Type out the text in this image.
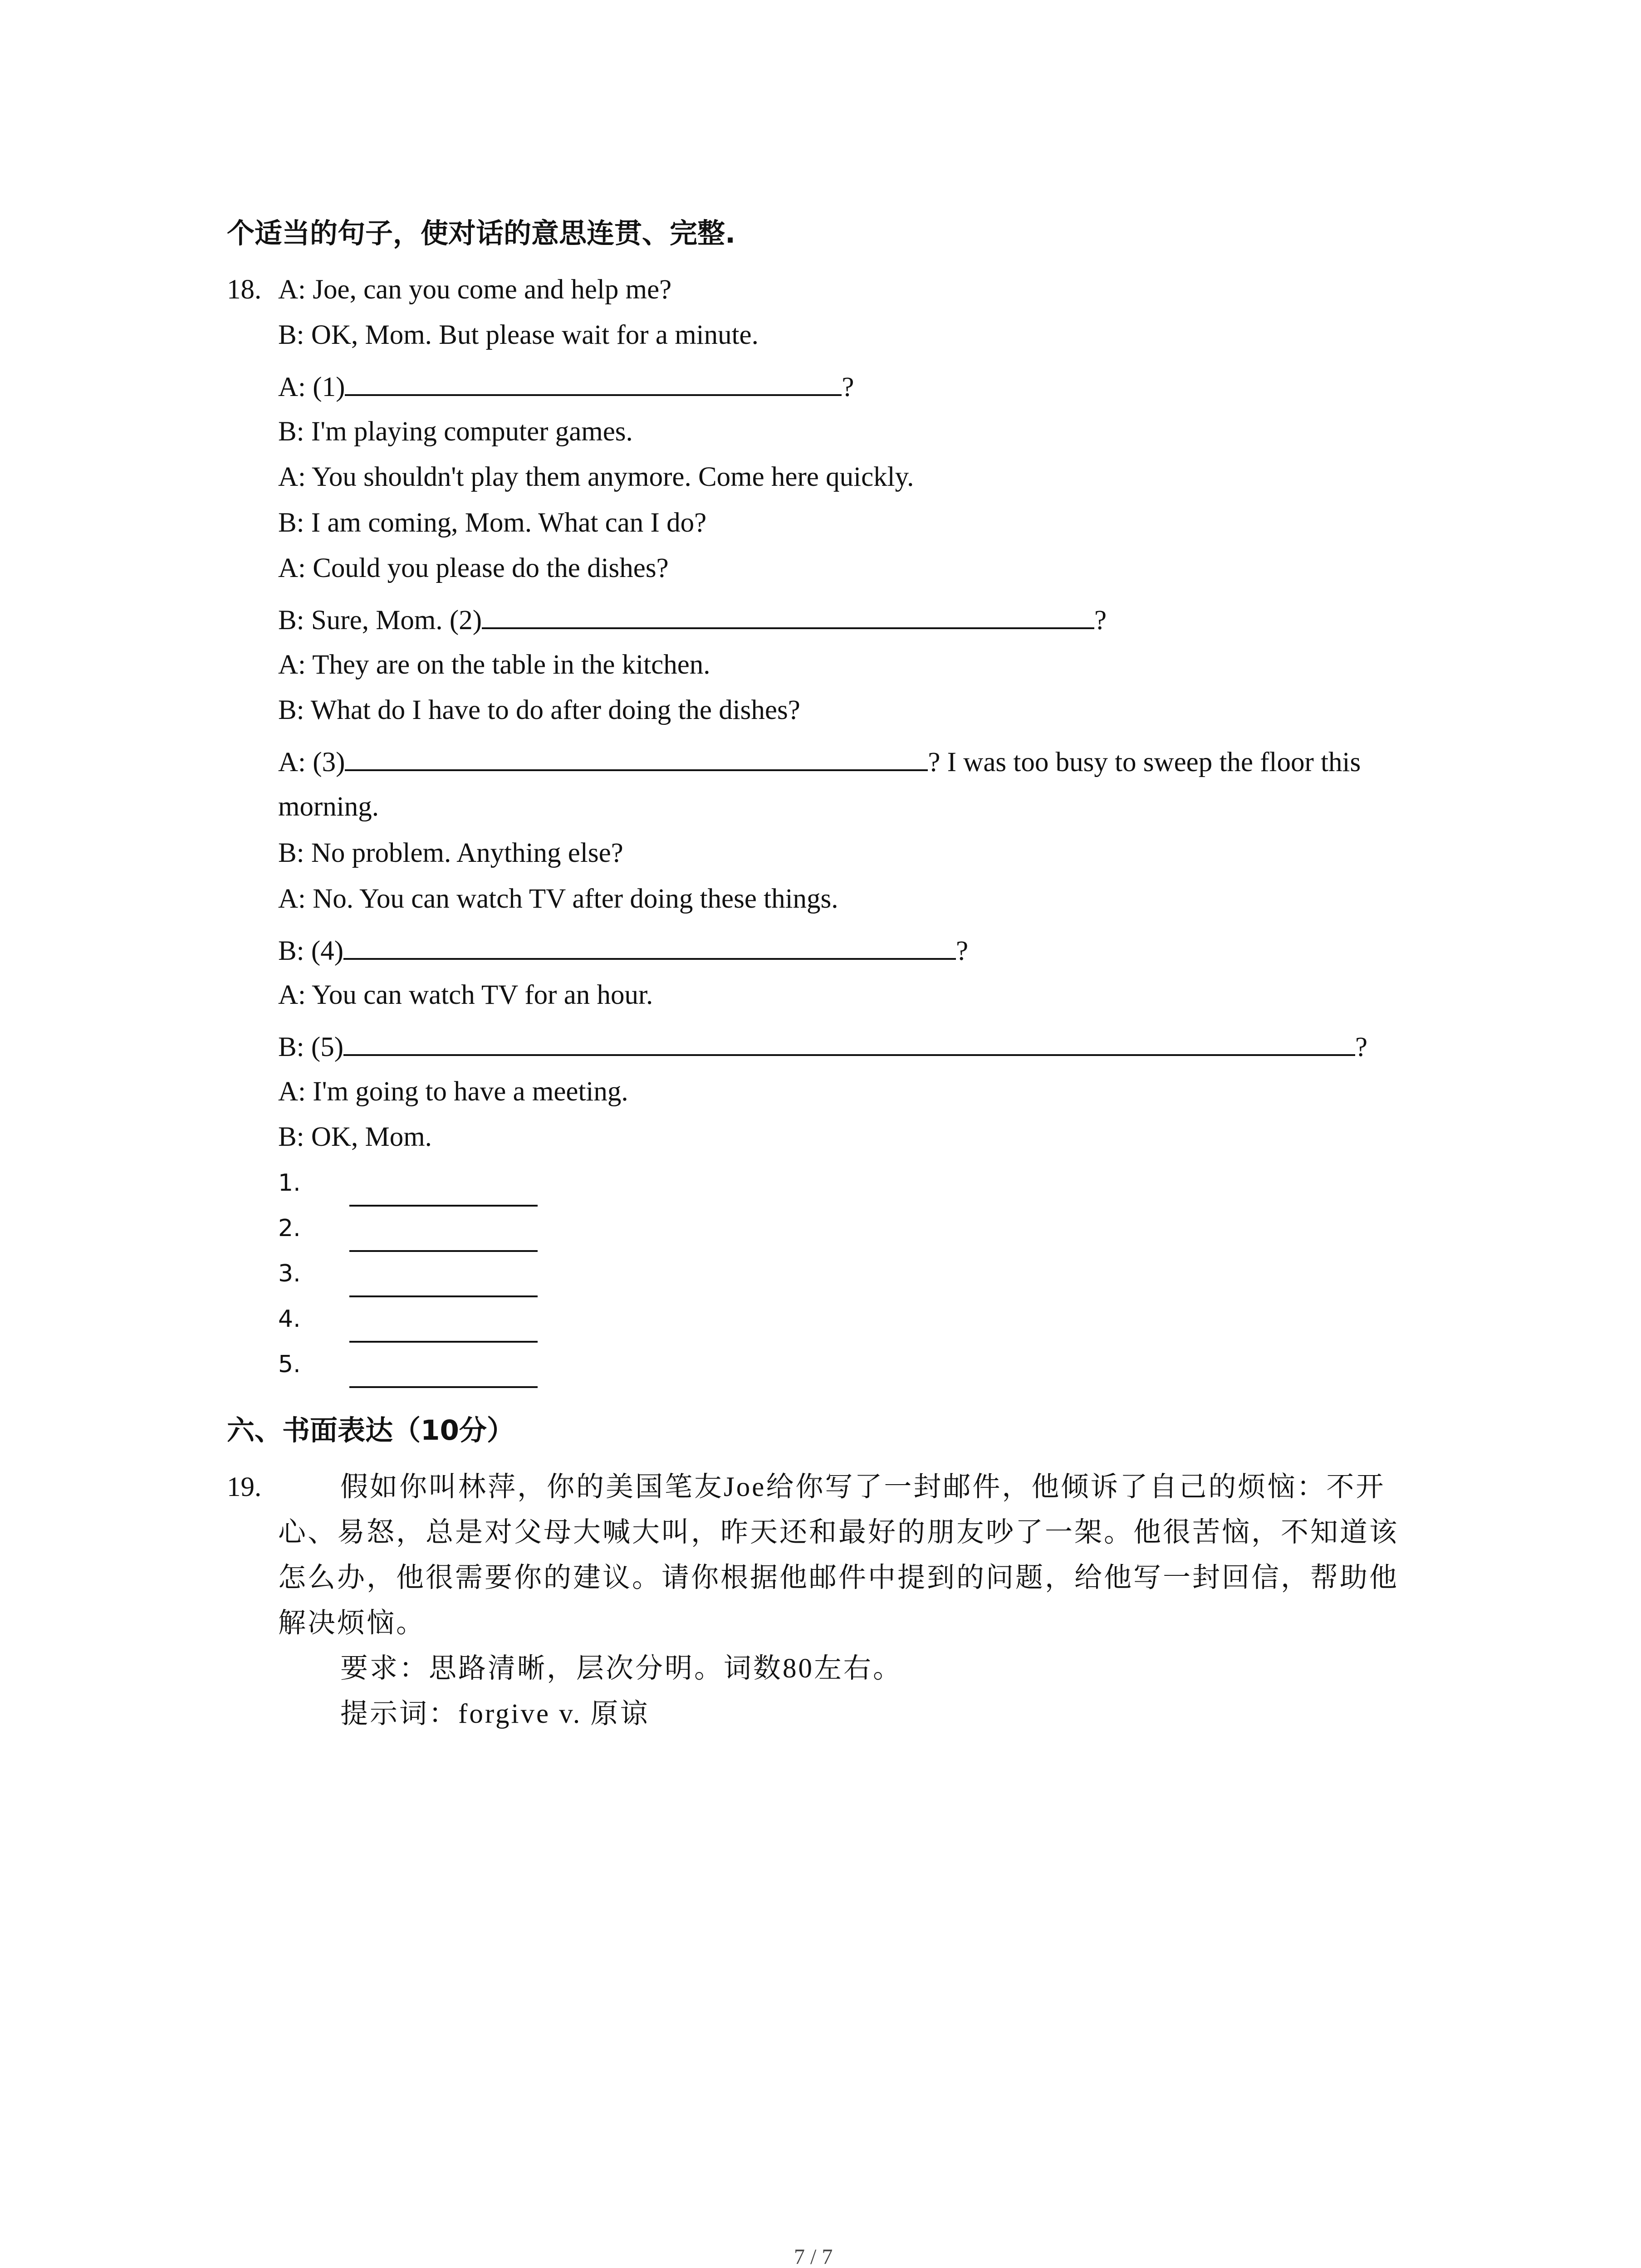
个适当的句子，使对话的意思连贯、完整.
18. A: Joe, can you come and help me?
B: OK, Mom. But please wait for a minute.
A: (1)	?
B: I'm playing computer games.
A: You shouldn't play them anymore. Come here quickly.
B: I am coming, Mom. What can I do?
A: Could you please do the dishes?
B: Sure, Mom. (2)	?
A: They are on the table in the kitchen.
B: What do I have to do after doing the dishes?
A: (3)	? I was too busy to sweep the floor this
morning.
B: No problem. Anything else?
A: No. You can watch TV after doing these things.
B: (4)	?
A: You can watch TV for an hour.
B: (5)	?
A: I'm going to have a meeting.
B: OK, Mom.
1.
2.
3.
4.
5.
六、书面表达（10分）
19.	假如你叫林萍，你的美国笔友Joe给你写了一封邮件，他倾诉了自己的烦恼：不开
心、易怒，总是对父母大喊大叫，昨天还和最好的朋友吵了一架。他很苦恼，不知道该
怎么办，他很需要你的建议。请你根据他邮件中提到的问题，给他写一封回信，帮助他
解决烦恼。
要求：思路清晰，层次分明。词数80左右。
提示词：forgive v. 原谅
7 / 7
